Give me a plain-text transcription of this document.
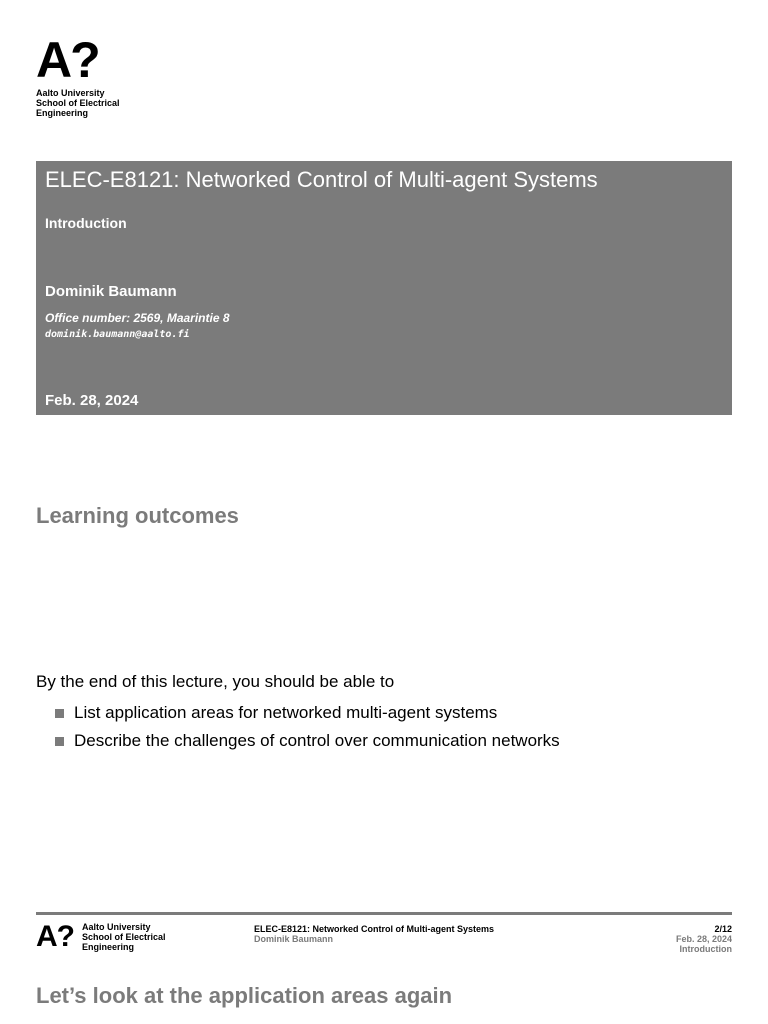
A?
Aalto University
School of Electrical
Engineering
ELEC-E8121: Networked Control of Multi-agent Systems
Introduction
Dominik Baumann
Office number: 2569, Maarintie 8
dominik.baumann@aalto.fi
Feb. 28, 2024
Learning outcomes
By the end of this lecture, you should be able to
List application areas for networked multi-agent systems
Describe the challenges of control over communication networks
A? Aalto University
School of Electrical
Engineering
ELEC-E8121: Networked Control of Multi-agent Systems
Dominik Baumann
2/12
Feb. 28, 2024
Introduction
Let’s look at the application areas again
